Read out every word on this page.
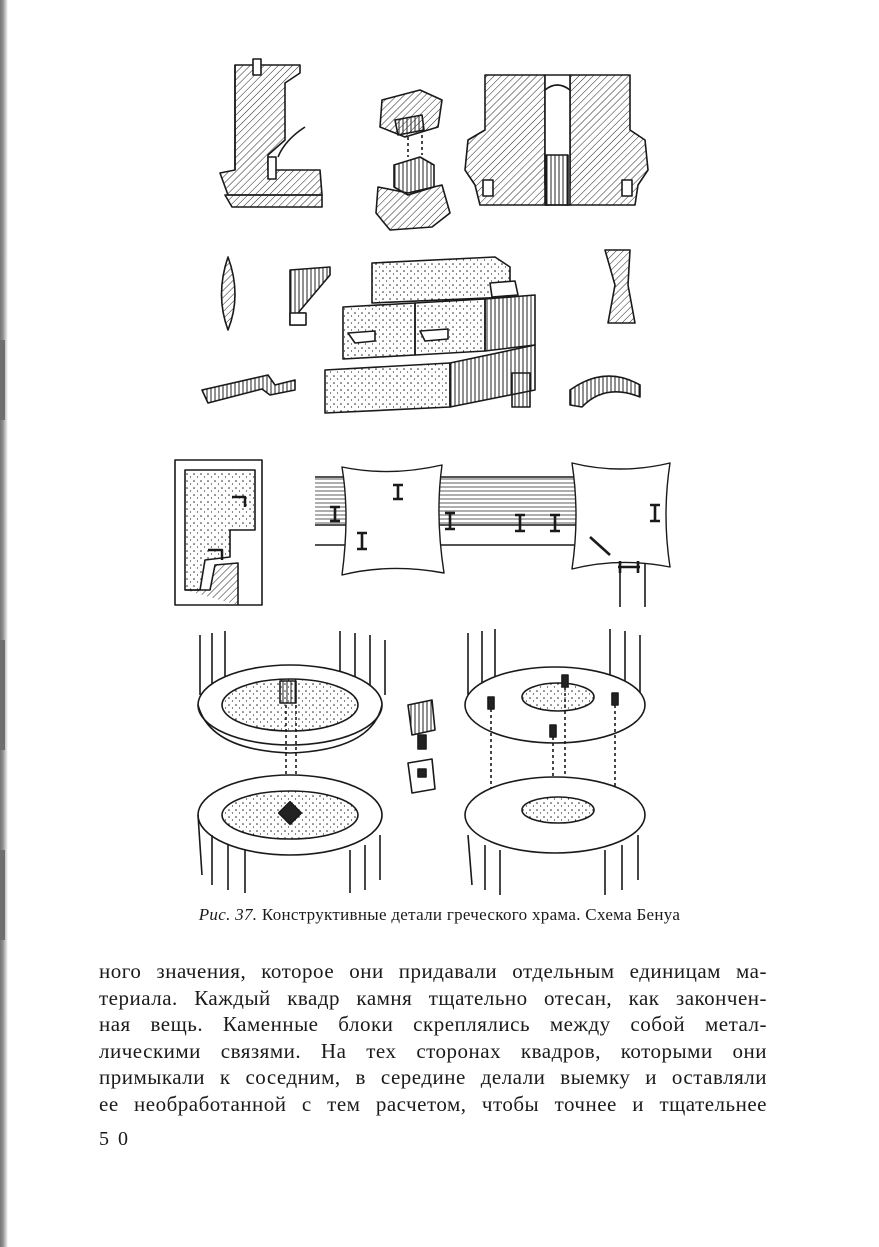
Рис. 37. Конструктивные детали греческого храма. Схема Бенуа
ного значения, которое они придавали отдельным единицам ма-
териала. Каждый квадр камня тщательно отесан, как закончен-
ная вещь. Каменные блоки скреплялись между собой метал-
лическими связями. На тех сторонах квадров, которыми они
примыкали к соседним, в середине делали выемку и оставляли
ее необработанной с тем расчетом, чтобы точнее и тщательнее
5 0
